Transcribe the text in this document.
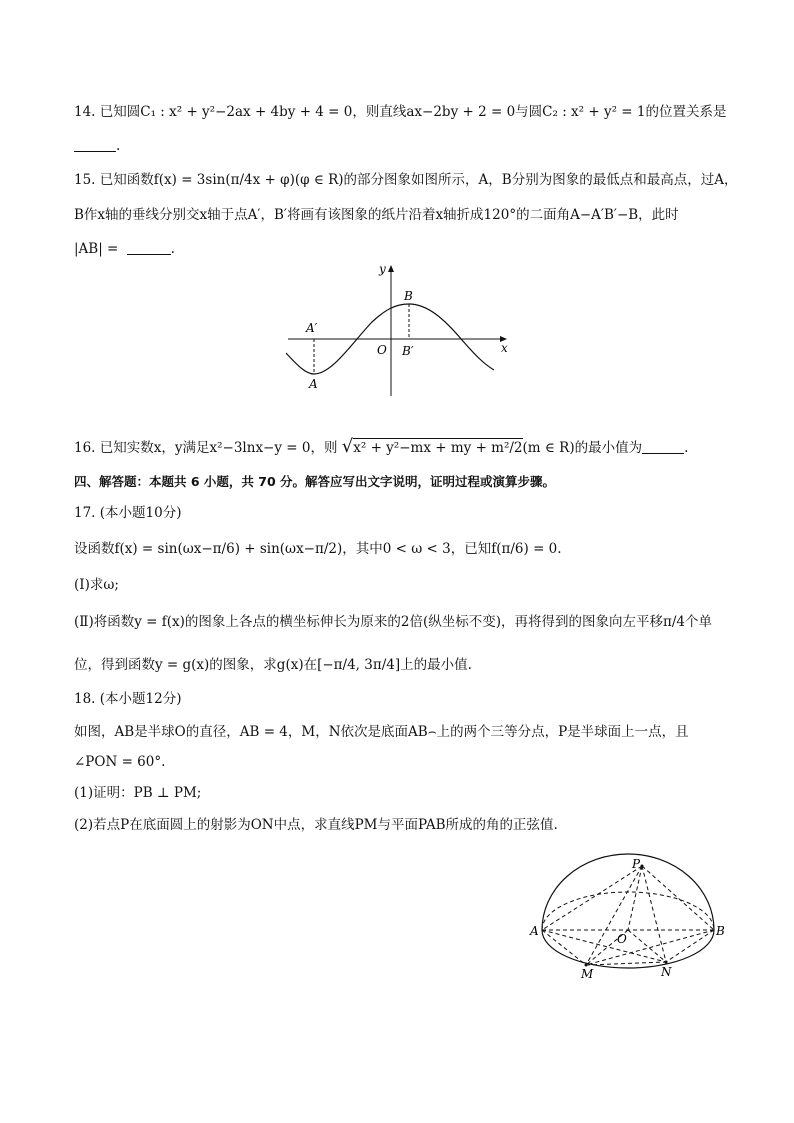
14. 已知圆C₁ : x² + y²−2ax + 4by + 4 = 0，则直线ax−2by + 2 = 0与圆C₂ : x² + y² = 1的位置关系是
.
15. 已知函数f(x) = 3sin(π/4x + φ)(φ ∈ R)的部分图象如图所示，A，B分别为图象的最低点和最高点，过A，
B作x轴的垂线分别交x轴于点A′，B′将画有该图象的纸片沿着x轴折成120°的二面角A−A′B′−B，此时
|AB| =	.
y
x
O
A′
A
B
B′
16. 已知实数x，y满足x²−3lnx−y = 0，则 √x² + y²−mx + my + m²/2(m ∈ R)的最小值为	.
四、解答题：本题共 6 小题，共 70 分。解答应写出文字说明，证明过程或演算步骤。
17. (本小题10分)
设函数f(x) = sin(ωx−π/6) + sin(ωx−π/2)，其中0 < ω < 3，已知f(π/6) = 0.
(Ⅰ)求ω;
(Ⅱ)将函数y = f(x)的图象上各点的横坐标伸长为原来的2倍(纵坐标不变)，再将得到的图象向左平移π/4个单
位，得到函数y = g(x)的图象，求g(x)在[−π/4, 3π/4]上的最小值.
18. (本小题12分)
如图，AB是半球O的直径，AB = 4，M，N依次是底面AB⌢上的两个三等分点，P是半球面上一点，且
∠PON = 60°.
(1)证明：PB ⊥ PM;
(2)若点P在底面圆上的射影为ON中点，求直线PM与平面PAB所成的角的正弦值.
P
A	B
O
M	N
